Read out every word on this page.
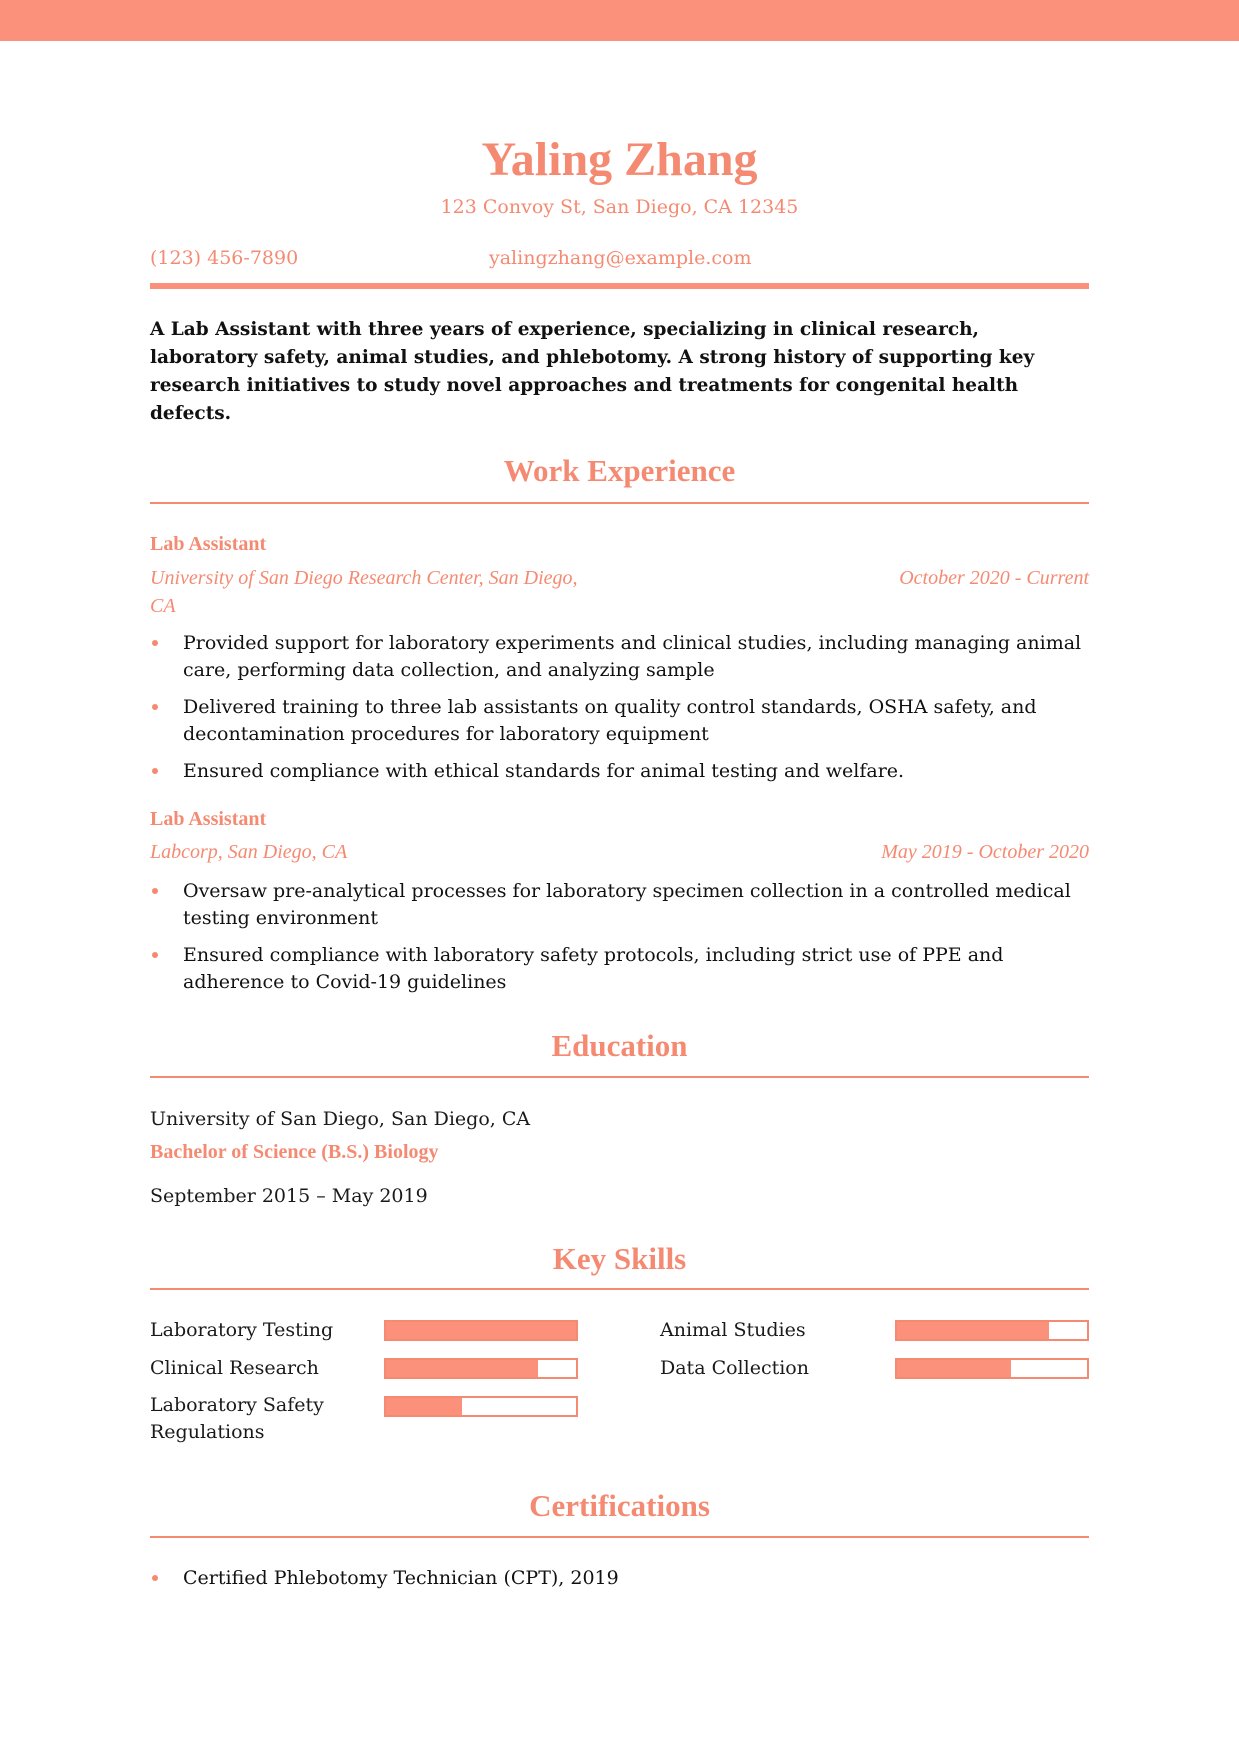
Yaling Zhang
123 Convoy St, San Diego, CA 12345
(123) 456-7890	yalingzhang@example.com
A Lab Assistant with three years of experience, specializing in clinical research, laboratory safety, animal studies, and phlebotomy. A strong history of supporting key research initiatives to study novel approaches and treatments for congenital health defects.
Work Experience
Lab Assistant
University of San Diego Research Center, San Diego, CA
October 2020 - Current
Provided support for laboratory experiments and clinical studies, including managing animal care, performing data collection, and analyzing sample
Delivered training to three lab assistants on quality control standards, OSHA safety, and decontamination procedures for laboratory equipment
Ensured compliance with ethical standards for animal testing and welfare.
Lab Assistant
Labcorp, San Diego, CA	May 2019 - October 2020
Oversaw pre-analytical processes for laboratory specimen collection in a controlled medical testing environment
Ensured compliance with laboratory safety protocols, including strict use of PPE and adherence to Covid-19 guidelines
Education
University of San Diego, San Diego, CA
Bachelor of Science (B.S.) Biology
September 2015 – May 2019
Key Skills
Laboratory Testing	Animal Studies
Clinical Research	Data Collection
Laboratory Safety Regulations
Certifications
Certified Phlebotomy Technician (CPT), 2019
